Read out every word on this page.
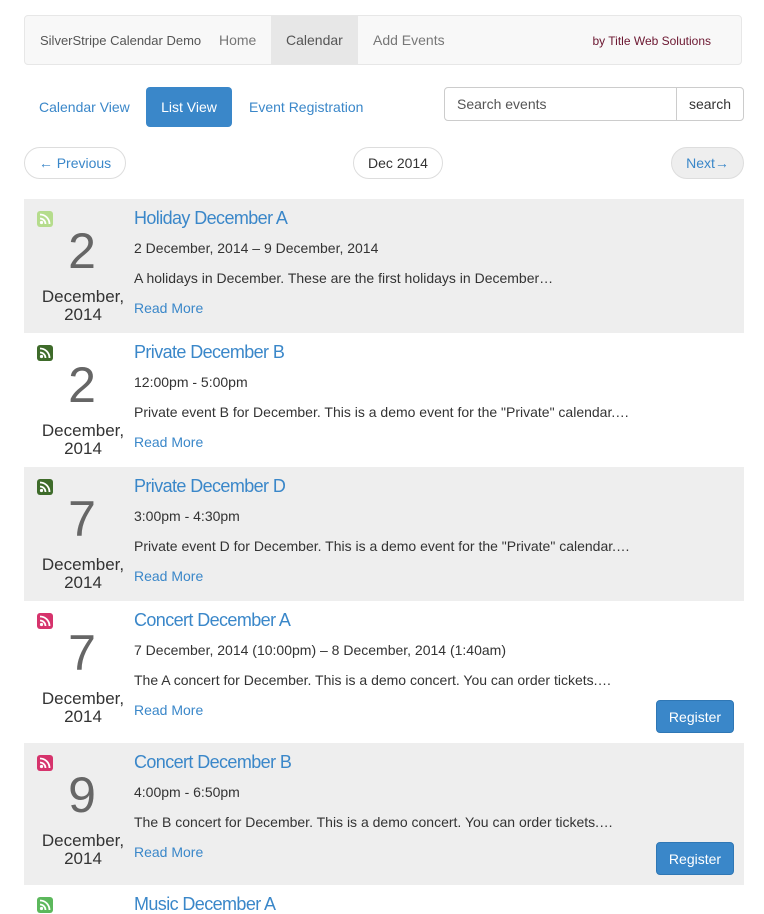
SilverStripe Calendar Demo	Home	Calendar	Add Events	by Title Web Solutions
Calendar View	List View	Event Registration
Search events	search
← Previous	Dec 2014	Next→
2
December,
2014
Holiday December A
2 December, 2014 – 9 December, 2014
A holidays in December. These are the first holidays in December…
Read More
2
December,
2014
Private December B
12:00pm - 5:00pm
Private event B for December. This is a demo event for the "Private" calendar.…
Read More
7
December,
2014
Private December D
3:00pm - 4:30pm
Private event D for December. This is a demo event for the "Private" calendar.…
Read More
7
December,
2014
Concert December A
7 December, 2014 (10:00pm) – 8 December, 2014 (1:40am)
The A concert for December. This is a demo concert. You can order tickets.…
Read More	Register
9
December,
2014
Concert December B
4:00pm - 6:50pm
The B concert for December. This is a demo concert. You can order tickets.…
Read More	Register
Music December A
